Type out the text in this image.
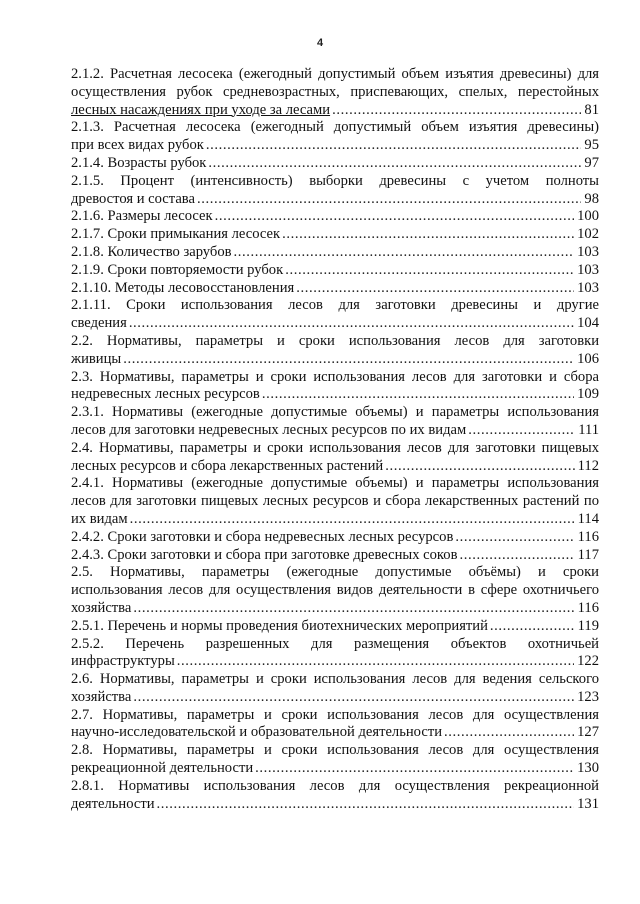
4
2.1.2. Расчетная лесосека (ежегодный допустимый объем изъятия древесины) для
осуществления рубок средневозрастных, приспевающих, спелых, перестойных
лесных насаждениях при уходе за лесами .....	81
2.1.3. Расчетная лесосека (ежегодный допустимый объем изъятия древесины)
при всех видах рубок .....	95
2.1.4. Возрасты рубок .....	97
2.1.5. Процент (интенсивность) выборки древесины с учетом полноты
древостоя и состава .....	98
2.1.6. Размеры лесосек .....	100
2.1.7. Сроки примыкания лесосек .....	102
2.1.8. Количество зарубов .....	103
2.1.9. Сроки повторяемости рубок .....	103
2.1.10. Методы лесовосстановления .....	103
2.1.11. Сроки использования лесов для заготовки древесины и другие
сведения .....	104
2.2. Нормативы, параметры и сроки использования лесов для заготовки
живицы .....	106
2.3. Нормативы, параметры и сроки использования лесов для заготовки и сбора
недревесных лесных ресурсов .....	109
2.3.1. Нормативы (ежегодные допустимые объемы) и параметры использования
лесов для заготовки недревесных лесных ресурсов по их видам .....	111
2.4. Нормативы, параметры и сроки использования лесов для заготовки пищевых
лесных ресурсов и сбора лекарственных растений .....	112
2.4.1. Нормативы (ежегодные допустимые объемы) и параметры использования
лесов для заготовки пищевых лесных ресурсов и сбора лекарственных растений по
их видам .....	114
2.4.2. Сроки заготовки и сбора недревесных лесных ресурсов .....	116
2.4.3. Сроки заготовки и сбора при заготовке древесных соков .....	117
2.5. Нормативы, параметры (ежегодные допустимые объёмы) и сроки
использования лесов для осуществления видов деятельности в сфере охотничьего
хозяйства .....	116
2.5.1. Перечень и нормы проведения биотехнических мероприятий .....	119
2.5.2. Перечень разрешенных для размещения объектов охотничьей
инфраструктуры .....	122
2.6. Нормативы, параметры и сроки использования лесов для ведения сельского
хозяйства .....	123
2.7. Нормативы, параметры и сроки использования лесов для осуществления
научно-исследовательской и образовательной деятельности .....	127
2.8. Нормативы, параметры и сроки использования лесов для осуществления
рекреационной деятельности .....	130
2.8.1. Нормативы использования лесов для осуществления рекреационной
деятельности .....	131
